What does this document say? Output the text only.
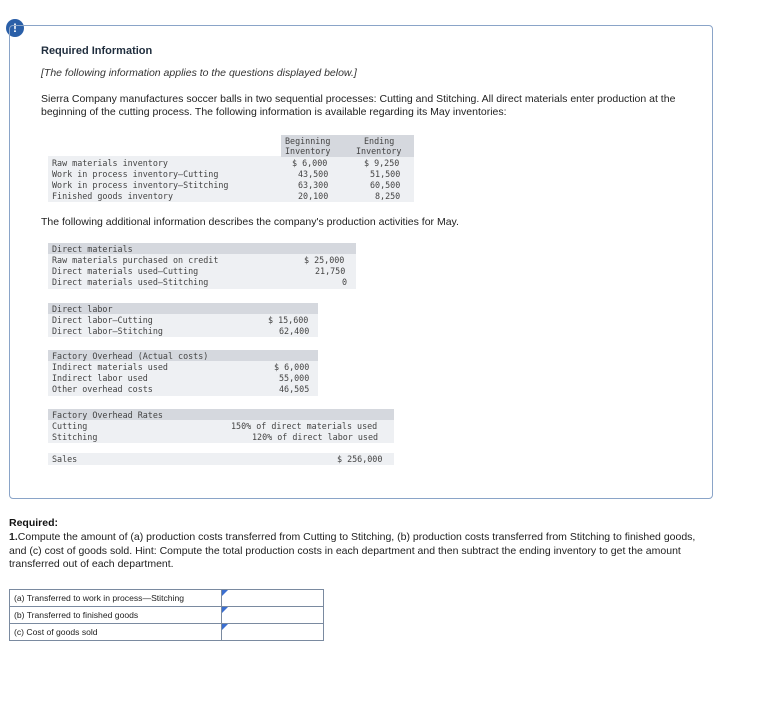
!
Required Information
[The following information applies to the questions displayed below.]
Sierra Company manufactures soccer balls in two sequential processes: Cutting and Stitching. All direct materials enter production at the beginning of the cutting process. The following information is available regarding its May inventories:
Beginning
Inventory
Ending
Inventory
Raw materials inventory	$ 6,000	$ 9,250
Work in process inventory—Cutting	43,500	51,500
Work in process inventory—Stitching	63,300	60,500
Finished goods inventory	20,100	8,250
The following additional information describes the company's production activities for May.
Direct materials
Raw materials purchased on credit	$ 25,000
Direct materials used—Cutting	21,750
Direct materials used—Stitching	0
Direct labor
Direct labor—Cutting	$ 15,600
Direct labor—Stitching	62,400
Factory Overhead (Actual costs)
Indirect materials used	$ 6,000
Indirect labor used	55,000
Other overhead costs	46,505
Factory Overhead Rates
Cutting	150% of direct materials used
Stitching	120% of direct labor used
Sales	$ 256,000
Required:
1.Compute the amount of (a) production costs transferred from Cutting to Stitching, (b) production costs transferred from Stitching to finished goods, and (c) cost of goods sold. Hint: Compute the total production costs in each department and then subtract the ending inventory to get the amount transferred out of each department.
(a) Transferred to work in process—Stitching	

(b) Transferred to finished goods	

(c) Cost of goods sold	
